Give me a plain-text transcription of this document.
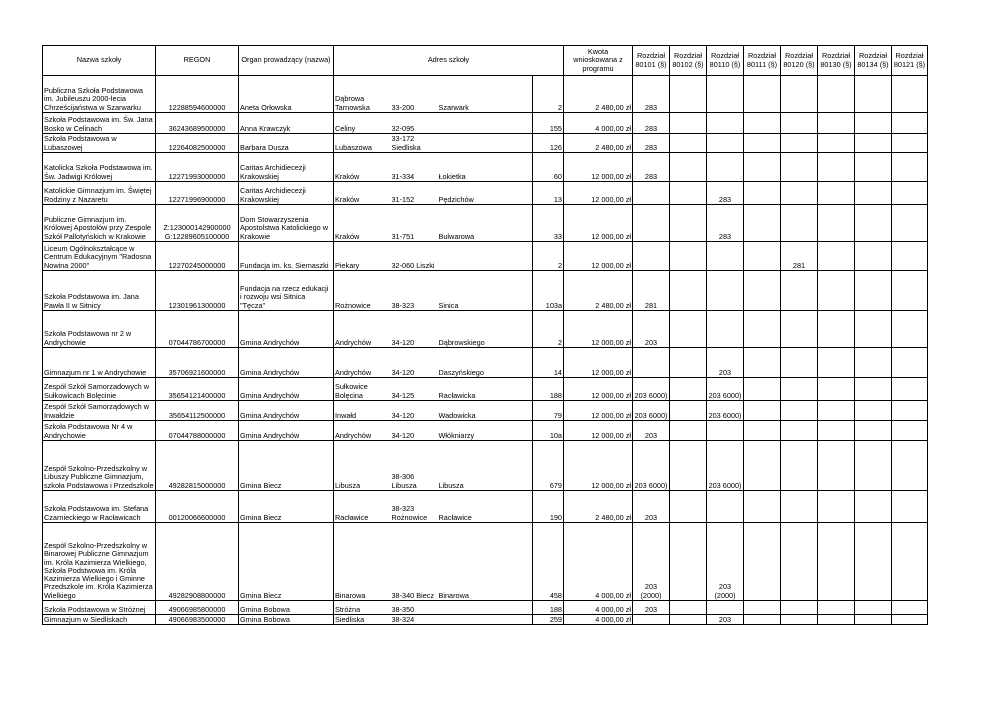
Nazwa szkoły	REGON	Organ prowadzący (nazwa)	Adres szkoły				Kwota wnioskowana z programu	Rozdział 80101 (§)	Rozdział 80102 (§)	Rozdział 80110 (§)	Rozdział 80111 (§)	Rozdział 80120 (§)	Rozdział 80130 (§)	Rozdział 80134 (§)	Rozdział 80121 (§)
Publiczna Szkoła Podstawowa im. Jubileuszu 2000-lecia Chrześcijaństwa w Szarwarku	12288594600000	Aneta Orłowska	Dąbrowa Tarnowska	33-200	Szarwark	2	2 480,00 zł	283							
Szkoła Podstawowa im. Św. Jana Bosko w Celinach	36243689500000	Anna Krawczyk	Celiny	32-095		155	4 000,00 zł	283							
Szkoła Podstawowa w Lubaszowej	12264082500000	Barbara Dusza	Lubaszowa	33-172 Siedliska		126	2 480,00 zł	283							
Katolicka Szkoła Podstawowa im. Św. Jadwigi Królowej	12271993000000	Caritas Archidiecezji Krakowskiej	Kraków	31-334	Łokietka	60	12 000,00 zł	283							
Katolickie Gimnazjum im. Świętej Rodziny z Nazaretu	12271996900000	Caritas Archidiecezji Krakowskiej	Kraków	31-152	Pędzichów	13	12 000,00 zł			283					
Publiczne Gimnazjum im. Królowej Apostołów przy Zespole Szkół Pallotyńskich w Krakowie	Z:123000142900000 G:12289605100000	Dom Stowarzyszenia Apostolstwa Katolickiego w Krakowie	Kraków	31-751	Bulwarowa	33	12 000,00 zł			283					
Liceum Ogólnokształcące w Centrum Edukacyjnym "Radosna Nowina 2000"	12270245000000	Fundacja im. ks. Siemaszki	Piekary	32-060 Liszki		2	12 000,00 zł					281			
Szkoła Podstawowa im. Jana Pawła II w Sitnicy	12301961300000	Fundacja na rzecz edukacji i rozwoju wsi Sitnica "Tęcza"	Rożnowice	38-323	Sinica	103a	2 480,00 zł	281							
Szkoła Podstawowa nr 2 w Andrychowie	07044786700000	Gmina Andrychów	Andrychów	34-120	Dąbrowskiego	2	12 000,00 zł	203							
Gimnazjum nr 1 w Andrychowie	35706921600000	Gmina Andrychów	Andrychów	34-120	Daszyńskiego	14	12 000,00 zł			203					
Zespół Szkół Samorzadowych w Sułkowicach Bolęcinie	35654121400000	Gmina Andrychów	Sułkowice Bolęcina	34-125	Racławicka	188	12 000,00 zł	203 6000)		203 6000)					
Zespół Szkół Samorządowych w Inwałdzie	35654112500000	Gmina Andrychów	Inwałd	34-120	Wadowicka	79	12 000,00 zł	203 6000)		203 6000)					
Szkoła Podstawowa Nr 4 w Andrychowie	07044788000000	Gmina Andrychów	Andrychów	34-120	Włókniarzy	10a	12 000,00 zł	203							
Zespół Szkolno-Przedszkolny w Libuszy Publiczne Gimnazjum, szkoła Podstawowa i Przedszkole	49282815000000	Gmina Biecz	Libusza	38-306 Libusza	Libusza	679	12 000,00 zł	203 6000)		203 6000)					
Szkoła Podstawowa im. Stefana Czarnieckiego w Racławicach	00120066600000	Gmina Biecz	Racławice	38-323 Rożnowice	Racławice	190	2 480,00 zł	203							
Zespół Szkolno-Przedszkolny w Binarowej Publiczne Gimnazjum im. Króla Kazimierza Wielkiego, Szkoła Podstwowa im. Króla Kazimierza Wielkiego i Gminne Przedszkole im. Króla Kazimierza Wielkiego	49282908800000	Gmina Biecz	Binarowa	38-340 Biecz	Binarowa	458	4 000,00 zł	203 (2000)		203 (2000)					
Szkoła Podstawowa w Stróżnej	49066985800000	Gmina Bobowa	Stróżna	38-350		188	4 000,00 zł	203							
Gimnazjum w Siedliskach	49066983500000	Gmina Bobowa	Siedliska	38-324		259	4 000,00 zł			203					
